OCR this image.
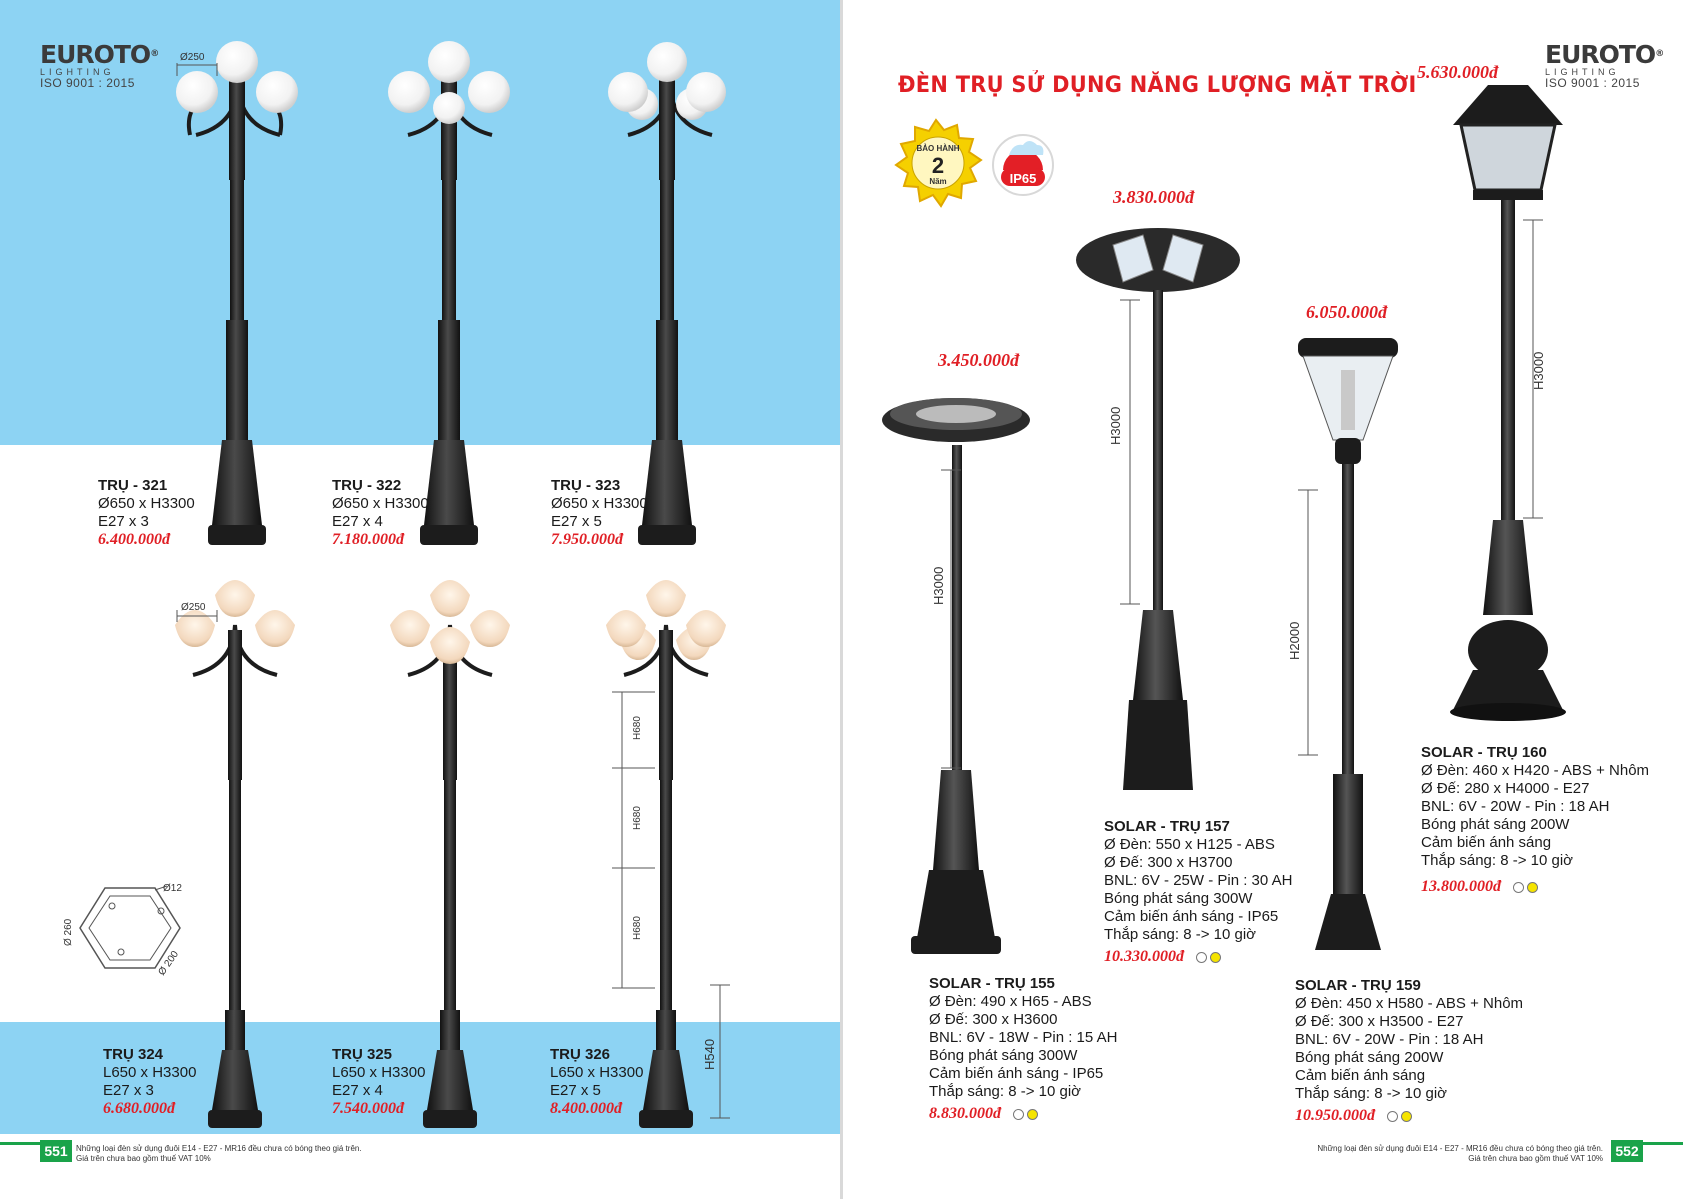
EUROTO®
LIGHTING
ISO 9001 : 2015
Ø250
Ø250
H680
H680
H680
H540
Ø12
Ø 260
Ø 200
TRỤ - 321
Ø650 x H3300
E27 x 3
6.400.000đ
TRỤ - 322
Ø650 x H3300
E27 x 4
7.180.000đ
TRỤ - 323
Ø650 x H3300
E27 x 5
7.950.000đ
TRỤ 324
L650 x H3300
E27 x 3
6.680.000đ
TRỤ 325
L650 x H3300
E27 x 4
7.540.000đ
TRỤ 326
L650 x H3300
E27 x 5
8.400.000đ
551	Những loại đèn sử dụng đuôi E14 - E27 - MR16 đều chưa có bóng theo giá trên.
Giá trên chưa bao gồm thuế VAT 10%
ĐÈN TRỤ SỬ DỤNG NĂNG LƯỢNG MẶT TRỜI
EUROTO®
LIGHTING
ISO 9001 : 2015
BẢO HÀNH
2
Năm	IP65
H3000
H3000
H2000
H3000
3.450.000đ
3.830.000đ
6.050.000đ
5.630.000đ
SOLAR - TRỤ 155
Ø Đèn: 490 x H65 - ABS
Ø Đế: 300 x H3600
BNL: 6V - 18W - Pin : 15 AH
Bóng phát sáng 300W
Cảm biến ánh sáng - IP65
Thắp sáng: 8 -> 10 giờ
8.830.000đ
SOLAR - TRỤ 157
Ø Đèn: 550 x H125 - ABS
Ø Đế: 300 x H3700
BNL: 6V - 25W - Pin : 30 AH
Bóng phát sáng 300W
Cảm biến ánh sáng - IP65
Thắp sáng: 8 -> 10 giờ
10.330.000đ
SOLAR - TRỤ 159
Ø Đèn: 450 x H580 - ABS + Nhôm
Ø Đế: 300 x H3500 - E27
BNL: 6V - 20W - Pin : 18 AH
Bóng phát sáng 200W
Cảm biến ánh sáng
Thắp sáng: 8 -> 10 giờ
10.950.000đ
SOLAR - TRỤ 160
Ø Đèn: 460 x H420 - ABS + Nhôm
Ø Đế: 280 x H4000 - E27
BNL: 6V - 20W - Pin : 18 AH
Bóng phát sáng 200W
Cảm biến ánh sáng
Thắp sáng: 8 -> 10 giờ
13.800.000đ
552
Những loại đèn sử dụng đuôi E14 - E27 - MR16 đều chưa có bóng theo giá trên.
Giá trên chưa bao gồm thuế VAT 10%
